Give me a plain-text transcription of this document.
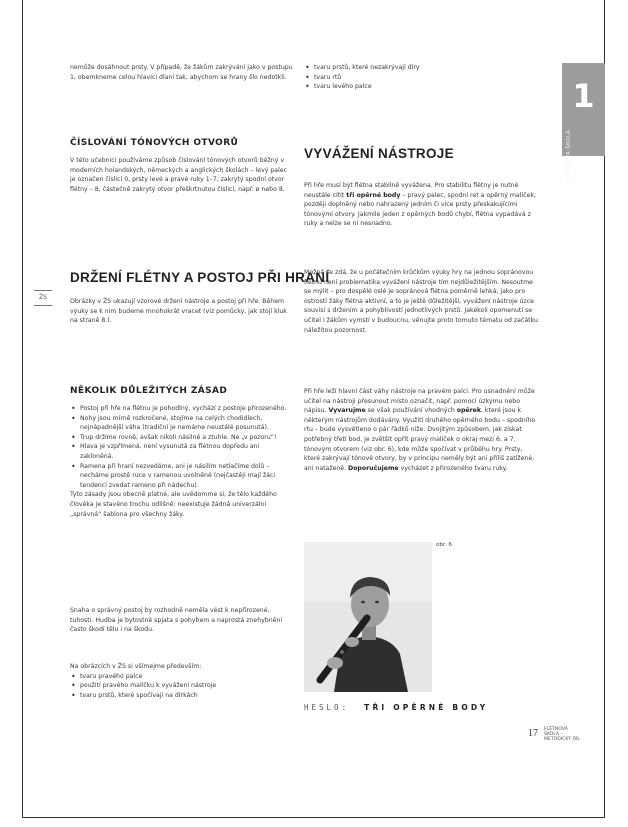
1
FLÉTNOVÁ ŠKOLA
ŽS

nemůže dosáhnout prsty. V případě, že žákům zakrývání jako v postupu 1, obemkneme celou hlavici dlaní tak, abychom se hrany šlo nedotkli.

ČÍSLOVÁNÍ TÓNOVÝCH OTVORŮ

V této učebnici používáme způsob číslování tónových otvorů běžný v moderních holandských, německých a anglických školách – levý palec je označen číslicí 0, prsty levé a pravé ruky 1–7, zakrytý spodní otvor flétny – 8, částečně zakrytý otvor přeškrtnutou číslicí, např. ø nebo 8.

DRŽENÍ FLÉTNY A POSTOJ PŘI HRANÍ

Obrázky v ŽS ukazují vzorové držení nástroje a postoj při hře. Během výuky se k nim budeme mnohokrát vracet (viz pomůcky, jak stojí kluk na straně 8.).

NĚKOLIK DŮLEŽITÝCH ZÁSAD
• Postoj při hře na flétnu je pohodlný, vychází z postoje přirozeného.
• Nohy jsou mírně rozkročené, stojíme na celých chodidlech, nejnápadnější váha (tradiční je nemáme neustálé posunutá).
• Trup držíme rovně, avšak nikoli násilně a ztuhle. Ne „v pozoru“!
• Hlava je vzpřímená, není vysunutá za flétnou dopředu ani zakloněná.
• Ramena při hraní nezvedáme, ani je násilím netlačíme dolů – necháme prostě ruce v ramenou uvolněné (nejčastěji mají žáci tendenci zvedat rameno při nádechu).

Tyto zásady jsou obecně platné, ale uvědomme si, že tělo každého člověka je stavěno trochu odlišně: neexistuje žádná univerzální „správná“ šablona pro všechny žáky.

Snaha o správný postoj by rozhodně neměla vést k nepřirozené, tuhosti. Hudba je bytostně spjata s pohybem a naprostá znehybnění často škodí tělu i na škodu.

Na obrázcích v ŽS si všímejme především:

• tvaru pravého palce
• použití pravého malíčku k vyvážení nástroje
• tvaru prstů, které spočívají na dírkách
• tvaru prstů, které nezakrývají díry
• tvaru rtů
• tvaru levého palce
VYVÁŽENÍ NÁSTROJE

Při hře musí být flétna stabilně vyvážena. Pro stabilitu flétny je nutné neustále cítit tři opěrné body – pravý palec, spodní ret a opěrný malíček, později doplněný nebo nahrazený jedním či více prsty přeskakujícími tónovými otvory. Jakmile jeden z opěrných bodů chybí, flétna vypadává z ruky a nelze se ní nesnadno.

Možná se zdá, že u počátečním krůčkům výuky hry na jednou sopránovou flétnu není problematika vyvážení nástroje tím nejdůležitějším. Nesoutme se mýlit – pro dospělé oslé je sopránová flétna poměrně lehká, jako pro ostrosti žáky flétna aktivní, a to je ještě důležitější, vyvážení nástroje úzce souvisí s držením a pohyblivostí jednotlivých prstů. Jakékoli opomenutí se učitel i žákům vymstí v budoucnu, věnujte proto tomuto tématu od začátku náležitou pozornost.

Při hře leží hlavní část váhy nástroje na pravém palci. Pro usnadnění může učitel na nástroji přesunout místo označit, např. pomocí úzkýmu nebo nápisu. Vyvarujme se však používání vhodných opěrek, které jsou k některým nástrojům dodávány. Využití druhého opěrného bodu – spodního rtu – bude vysvětleno o pár řádků níže. Dvojitým způsobem, jak získat potřebný třetí bod, je zvětšit opřít pravý malíček o okraj mezi 6. a 7. tónovým otvorem (viz obr. 6), kde může spočívat v průběhu hry. Prsty, které zakrývají tónové otvory, by v principu neměly být ani příliš zatížené, ani nataženě. Doporučujeme vycházet z přirozeného tvaru ruky.

obr. 6
HESLO: TŘI OPĚRNÉ BODY
17 FLÉTNOVÁ ŠKOLA – METODICKÝ DÍL
